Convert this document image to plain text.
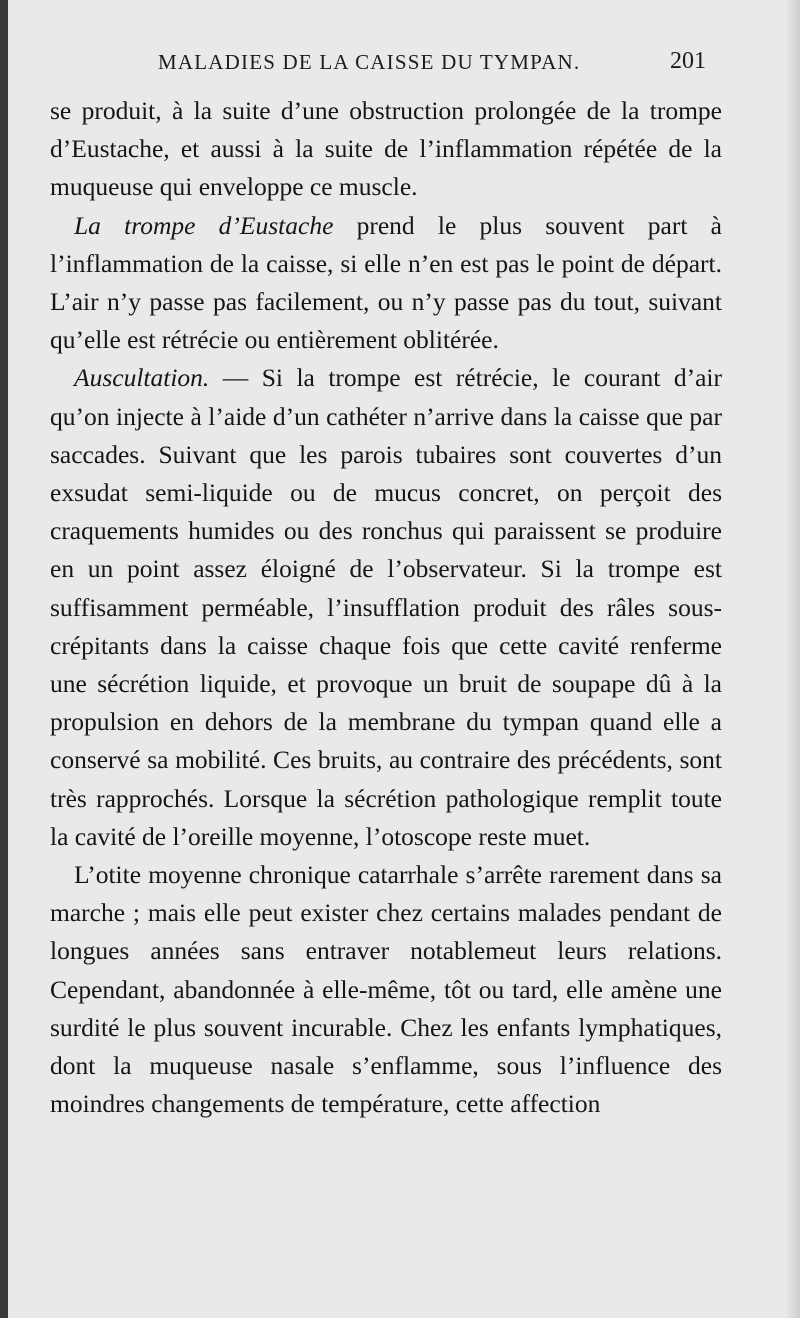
MALADIES DE LA CAISSE DU TYMPAN.	201

se produit, à la suite d’une obstruction prolongée de la trompe d’Eustache, et aussi à la suite de l’inflammation répétée de la muqueuse qui enveloppe ce muscle.

La trompe d’Eustache prend le plus souvent part à l’inflammation de la caisse, si elle n’en est pas le point de départ. L’air n’y passe pas facilement, ou n’y passe pas du tout, suivant qu’elle est rétrécie ou entièrement oblitérée.

Auscultation. — Si la trompe est rétrécie, le courant d’air qu’on injecte à l’aide d’un cathéter n’arrive dans la caisse que par saccades. Suivant que les parois tubaires sont couvertes d’un exsudat semi-liquide ou de mucus concret, on perçoit des craquements humides ou des ronchus qui paraissent se produire en un point assez éloigné de l’observateur. Si la trompe est suffisamment perméable, l’insufflation produit des râles sous-crépitants dans la caisse chaque fois que cette cavité renferme une sécrétion liquide, et provoque un bruit de soupape dû à la propulsion en dehors de la membrane du tympan quand elle a conservé sa mobilité. Ces bruits, au contraire des précédents, sont très rapprochés. Lorsque la sécrétion pathologique remplit toute la cavité de l’oreille moyenne, l’otoscope reste muet.

L’otite moyenne chronique catarrhale s’arrête rarement dans sa marche ; mais elle peut exister chez certains malades pendant de longues années sans entraver notablemeut leurs relations. Cependant, abandonnée à elle-même, tôt ou tard, elle amène une surdité le plus souvent incurable. Chez les enfants lymphatiques, dont la muqueuse nasale s’enflamme, sous l’influence des moindres changements de température, cette affection
